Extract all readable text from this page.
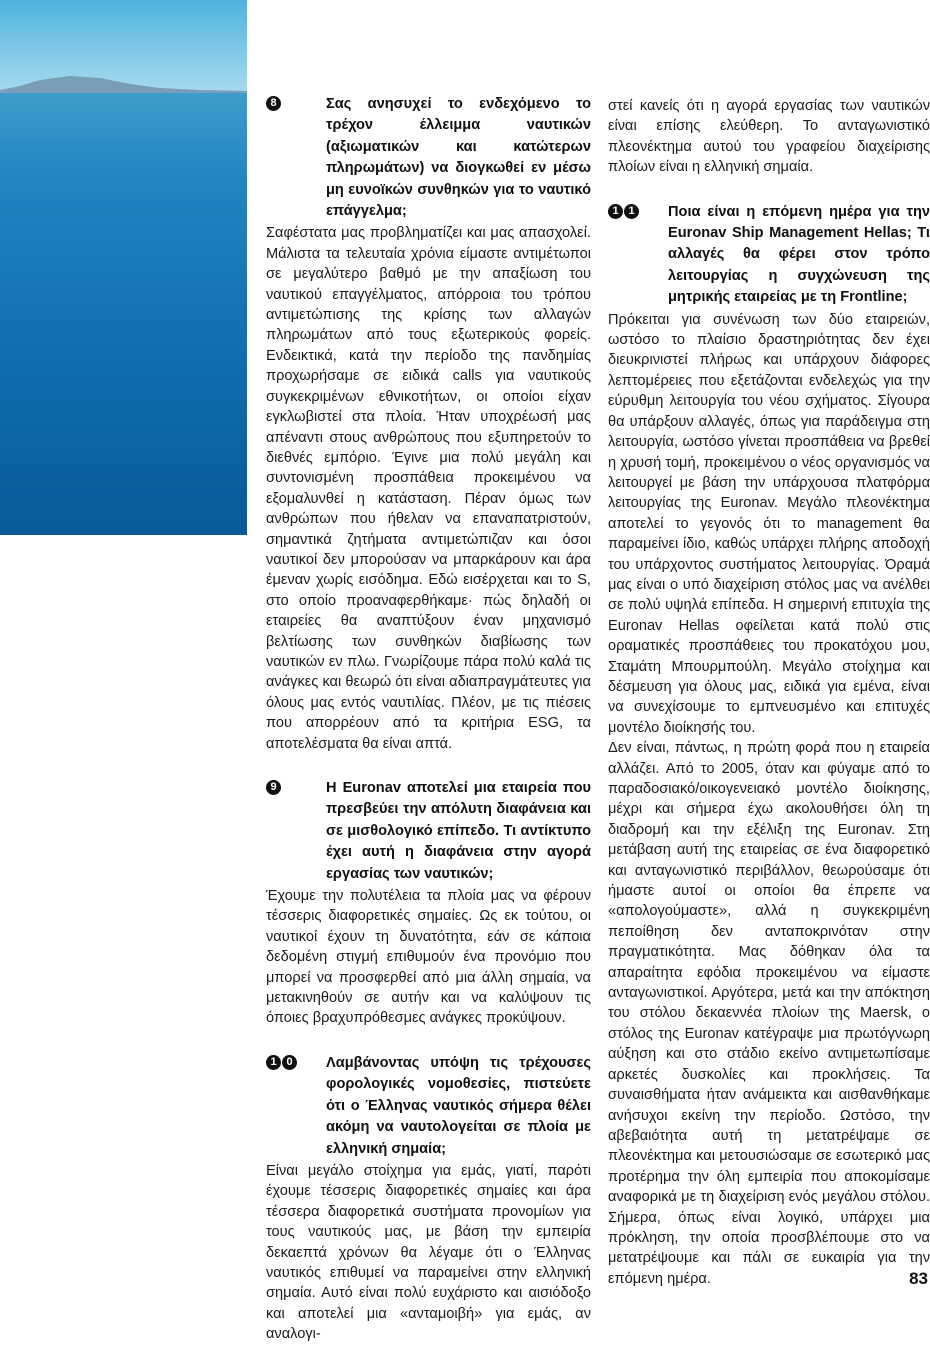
8	Σας ανησυχεί το ενδεχόμενο το τρέχον έλλειμμα ναυτικών (αξιωματικών και κατώτερων πληρωμάτων) να διογκωθεί εν μέσω μη ευνοϊκών συνθηκών για το ναυτικό επάγγελμα;

Σαφέστατα μας προβληματίζει και μας απασχολεί. Μάλιστα τα τελευταία χρόνια είμαστε αντιμέτωποι σε μεγαλύτερο βαθμό με την απαξίωση του ναυτικού επαγγέλματος, απόρροια του τρόπου αντιμετώπισης της κρίσης των αλλαγών πληρωμάτων από τους εξωτερικούς φορείς. Ενδεικτικά, κατά την περίοδο της πανδημίας προχωρήσαμε σε ειδικά calls για ναυτικούς συγκεκριμένων εθνικοτήτων, οι οποίοι είχαν εγκλωβιστεί στα πλοία. Ήταν υποχρέωσή μας απέναντι στους ανθρώπους που εξυπηρετούν το διεθνές εμπόριο. Έγινε μια πολύ μεγάλη και συντονισμένη προσπάθεια προκειμένου να εξομαλυνθεί η κατάσταση. Πέραν όμως των ανθρώπων που ήθελαν να επαναπατριστούν, σημαντικά ζητήματα αντιμετώπιζαν και όσοι ναυτικοί δεν μπορούσαν να μπαρκάρουν και άρα έμεναν χωρίς εισόδημα. Εδώ εισέρχεται και το S, στο οποίο προαναφερθήκαμε· πώς δηλαδή οι εταιρείες θα αναπτύξουν έναν μηχανισμό βελτίωσης των συνθηκών διαβίωσης των ναυτικών εν πλω. Γνωρίζουμε πάρα πολύ καλά τις ανάγκες και θεωρώ ότι είναι αδιαπραγμάτευτες για όλους μας εντός ναυτιλίας. Πλέον, με τις πιέσεις που απορρέουν από τα κριτήρια ESG, τα αποτελέσματα θα είναι απτά.

9	Η Euronav αποτελεί μια εταιρεία που πρεσβεύει την απόλυτη διαφάνεια και σε μισθολογικό επίπεδο. Τι αντίκτυπο έχει αυτή η διαφάνεια στην αγορά εργασίας των ναυτικών;

Έχουμε την πολυτέλεια τα πλοία μας να φέρουν τέσσερις διαφορετικές σημαίες. Ως εκ τούτου, οι ναυτικοί έχουν τη δυνατότητα, εάν σε κάποια δεδομένη στιγμή επιθυμούν ένα προνόμιο που μπορεί να προσφερθεί από μια άλλη σημαία, να μετακινηθούν σε αυτήν και να καλύψουν τις όποιες βραχυπρόθεσμες ανάγκες προκύψουν.

1 0	Λαμβάνοντας υπόψη τις τρέχουσες φορολογικές νομοθεσίες, πιστεύετε ότι ο Έλληνας ναυτικός σήμερα θέλει ακόμη να ναυτολογείται σε πλοία με ελληνική σημαία;

Είναι μεγάλο στοίχημα για εμάς, γιατί, παρότι έχουμε τέσσερις διαφορετικές σημαίες και άρα τέσσερα διαφορετικά συστήματα προνομίων για τους ναυτικούς μας, με βάση την εμπειρία δεκαεπτά χρόνων θα λέγαμε ότι ο Έλληνας ναυτικός επιθυμεί να παραμείνει στην ελληνική σημαία. Αυτό είναι πολύ ευχάριστο και αισιόδοξο και αποτελεί μια «ανταμοιβή» για εμάς, αν αναλογι-

στεί κανείς ότι η αγορά εργασίας των ναυτικών είναι επίσης ελεύθερη. Το ανταγωνιστικό πλεονέκτημα αυτού του γραφείου διαχείρισης πλοίων είναι η ελληνική σημαία.

1 1	Ποια είναι η επόμενη ημέρα για την Euronav Ship Management Hellas; Τι αλλαγές θα φέρει στον τρόπο λειτουργίας η συγχώνευση της μητρικής εταιρείας με τη Frontline;

Πρόκειται για συνένωση των δύο εταιρειών, ωστόσο το πλαίσιο δραστηριότητας δεν έχει διευκρινιστεί πλήρως και υπάρχουν διάφορες λεπτομέρειες που εξετάζονται ενδελεχώς για την εύρυθμη λειτουργία του νέου σχήματος. Σίγουρα θα υπάρξουν αλλαγές, όπως για παράδειγμα στη λειτουργία, ωστόσο γίνεται προσπάθεια να βρεθεί η χρυσή τομή, προκειμένου ο νέος οργανισμός να λειτουργεί με βάση την υπάρχουσα πλατφόρμα λειτουργίας της Euronav. Μεγάλο πλεονέκτημα αποτελεί το γεγονός ότι το management θα παραμείνει ίδιο, καθώς υπάρχει πλήρης αποδοχή του υπάρχοντος συστήματος λειτουργίας. Όραμά μας είναι ο υπό διαχείριση στόλος μας να ανέλθει σε πολύ υψηλά επίπεδα. Η σημερινή επιτυχία της Euronav Hellas οφείλεται κατά πολύ στις οραματικές προσπάθειες του προκατόχου μου, Σταμάτη Μπουρμπούλη. Μεγάλο στοίχημα και δέσμευση για όλους μας, ειδικά για εμένα, είναι να συνεχίσουμε το εμπνευσμένο και επιτυχές μοντέλο διοίκησής του.

Δεν είναι, πάντως, η πρώτη φορά που η εταιρεία αλλάζει. Από το 2005, όταν και φύγαμε από το παραδοσιακό/οικογενειακό μοντέλο διοίκησης, μέχρι και σήμερα έχω ακολουθήσει όλη τη διαδρομή και την εξέλιξη της Euronav. Στη μετάβαση αυτή της εταιρείας σε ένα διαφορετικό και ανταγωνιστικό περιβάλλον, θεωρούσαμε ότι ήμαστε αυτοί οι οποίοι θα έπρεπε να «απολογούμαστε», αλλά η συγκεκριμένη πεποίθηση δεν ανταποκρινόταν στην πραγματικότητα. Μας δόθηκαν όλα τα απαραίτητα εφόδια προκειμένου να είμαστε ανταγωνιστικοί. Αργότερα, μετά και την απόκτηση του στόλου δεκαεννέα πλοίων της Maersk, ο στόλος της Euronav κατέγραψε μια πρωτόγνωρη αύξηση και στο στάδιο εκείνο αντιμετωπίσαμε αρκετές δυσκολίες και προκλήσεις. Τα συναισθήματα ήταν ανάμεικτα και αισθανθήκαμε ανήσυχοι εκείνη την περίοδο. Ωστόσο, την αβεβαιότητα αυτή τη μετατρέψαμε σε πλεονέκτημα και μετουσιώσαμε σε εσωτερικό μας προτέρημα την όλη εμπειρία που αποκομίσαμε αναφορικά με τη διαχείριση ενός μεγάλου στόλου. Σήμερα, όπως είναι λογικό, υπάρχει μια πρόκληση, την οποία προσβλέπουμε στο να μετατρέψουμε και πάλι σε ευκαιρία για την επόμενη ημέρα.	83
